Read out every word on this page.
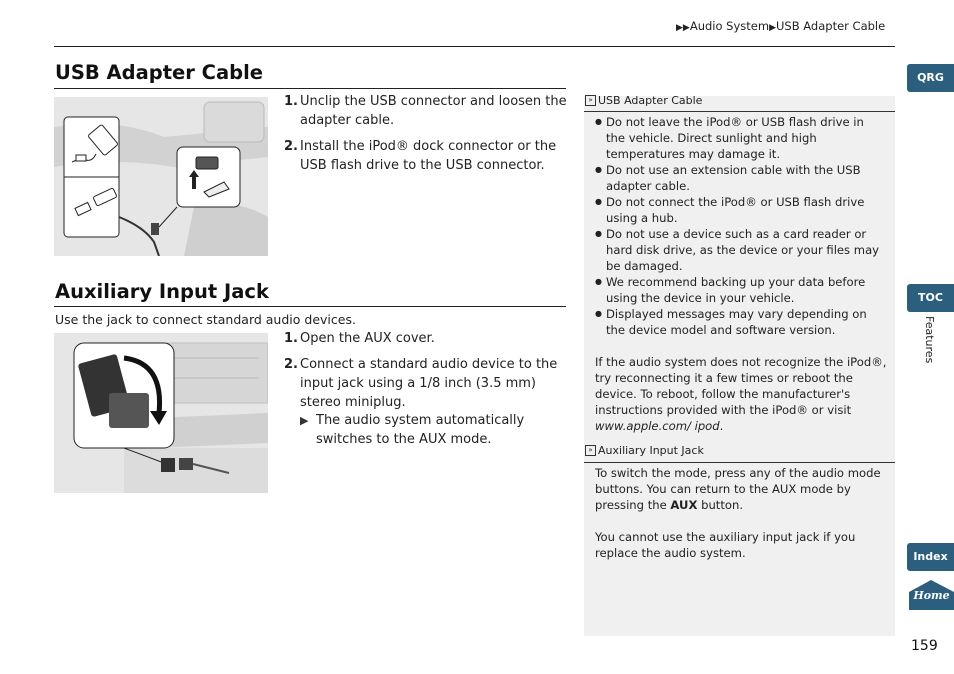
▶▶Audio System▶USB Adapter Cable
USB Adapter Cable
1. Unclip the USB connector and loosen the adapter cable.
2. Install the iPod® dock connector or the USB flash drive to the USB connector.
Auxiliary Input Jack
Use the jack to connect standard audio devices.
1. Open the AUX cover.
2. Connect a standard audio device to the input jack using a 1/8 inch (3.5 mm) stereo miniplug.
▶ The audio system automatically switches to the AUX mode.
» USB Adapter Cable
● Do not leave the iPod® or USB flash drive in the vehicle. Direct sunlight and high temperatures may damage it.
● Do not use an extension cable with the USB adapter cable.
● Do not connect the iPod® or USB flash drive using a hub.
● Do not use a device such as a card reader or hard disk drive, as the device or your files may be damaged.
● We recommend backing up your data before using the device in your vehicle.
● Displayed messages may vary depending on the device model and software version.
If the audio system does not recognize the iPod®, try reconnecting it a few times or reboot the device. To reboot, follow the manufacturer's instructions provided with the iPod® or visit www.apple.com/ ipod.
» Auxiliary Input Jack
To switch the mode, press any of the audio mode buttons. You can return to the AUX mode by pressing the AUX button.
You cannot use the auxiliary input jack if you replace the audio system.
QRG
TOC
Features
Index
Home
159
